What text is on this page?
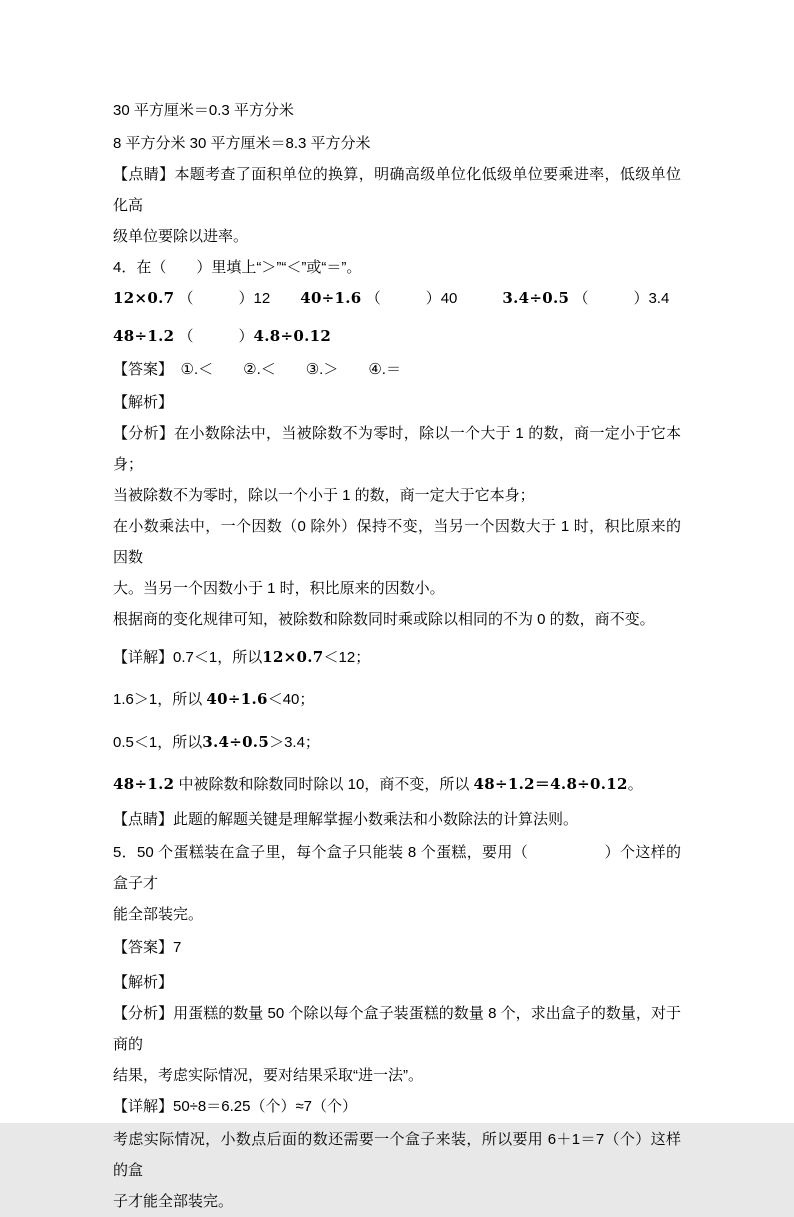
30 平方厘米＝0.3 平方分米

8 平方分米 30 平方厘米＝8.3 平方分米

【点睛】本题考查了面积单位的换算，明确高级单位化低级单位要乘进率，低级单位化高

级单位要除以进率。

4．在（　　）里填上“＞”“＜”或“＝”。

12×0.7 （　　　）12　　40÷1.6 （　　　）40　　　3.4÷0.5 （　　　）3.4

48÷1.2 （　　　）4.8÷0.12

【答案】　①.＜　　②.＜　　③.＞　　④.＝

【解析】

【分析】在小数除法中，当被除数不为零时，除以一个大于 1 的数，商一定小于它本身；

当被除数不为零时，除以一个小于 1 的数，商一定大于它本身；

在小数乘法中，一个因数（0 除外）保持不变，当另一个因数大于 1 时，积比原来的因数

大。当另一个因数小于 1 时，积比原来的因数小。

根据商的变化规律可知，被除数和除数同时乘或除以相同的不为 0 的数，商不变。

【详解】0.7＜1，所以12×0.7＜12；

1.6＞1，所以 40÷1.6＜40；

0.5＜1，所以3.4÷0.5＞3.4；

48÷1.2 中被除数和除数同时除以 10，商不变，所以 48÷1.2＝4.8÷0.12。

【点睛】此题的解题关键是理解掌握小数乘法和小数除法的计算法则。

5．50 个蛋糕装在盒子里，每个盒子只能装 8 个蛋糕，要用（　　　　　）个这样的盒子才

能全部装完。

【答案】7

【解析】

【分析】用蛋糕的数量 50 个除以每个盒子装蛋糕的数量 8 个，求出盒子的数量，对于商的

结果，考虑实际情况，要对结果采取“进一法”。

【详解】50÷8＝6.25（个）≈7（个）

考虑实际情况，小数点后面的数还需要一个盒子来装，所以要用 6＋1＝7（个）这样的盒

子才能全部装完。
